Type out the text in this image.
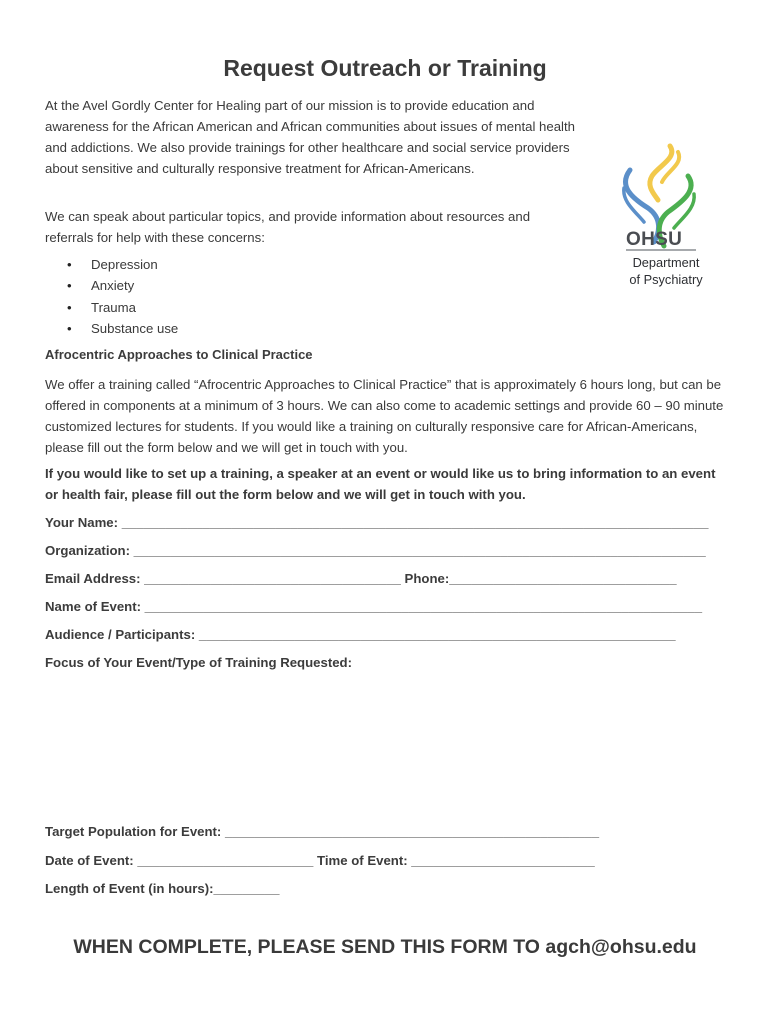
Request Outreach or Training

At the Avel Gordly Center for Healing part of our mission is to provide education and awareness for the African American and African communities about issues of mental health and addictions. We also provide trainings for other healthcare and social service providers about sensitive and culturally responsive treatment for African-Americans.

We can speak about particular topics, and provide information about resources and referrals for help with these concerns:

• Depression
• Anxiety
• Trauma
• Substance use
OHSU
Department
of Psychiatry
Afrocentric Approaches to Clinical Practice

We offer a training called “Afrocentric Approaches to Clinical Practice” that is approximately 6 hours long, but can be offered in components at a minimum of 3 hours. We can also come to academic settings and provide 60 – 90 minute customized lectures for students. If you would like a training on culturally responsive care for African-Americans, please fill out the form below and we will get in touch with you.

If you would like to set up a training, a speaker at an event or would like us to bring information to an event or health fair, please fill out the form below and we will get in touch with you.

Your Name: ________________________________________________________________________________
Organization: ______________________________________________________________________________
Email Address: ___________________________________ Phone:_______________________________
Name of Event: ____________________________________________________________________________
Audience / Participants: _________________________________________________________________
Focus of Your Event/Type of Training Requested:
Target Population for Event: ___________________________________________________
Date of Event: ________________________ Time of Event: _________________________
Length of Event (in hours):_________
WHEN COMPLETE, PLEASE SEND THIS FORM TO agch@ohsu.edu
